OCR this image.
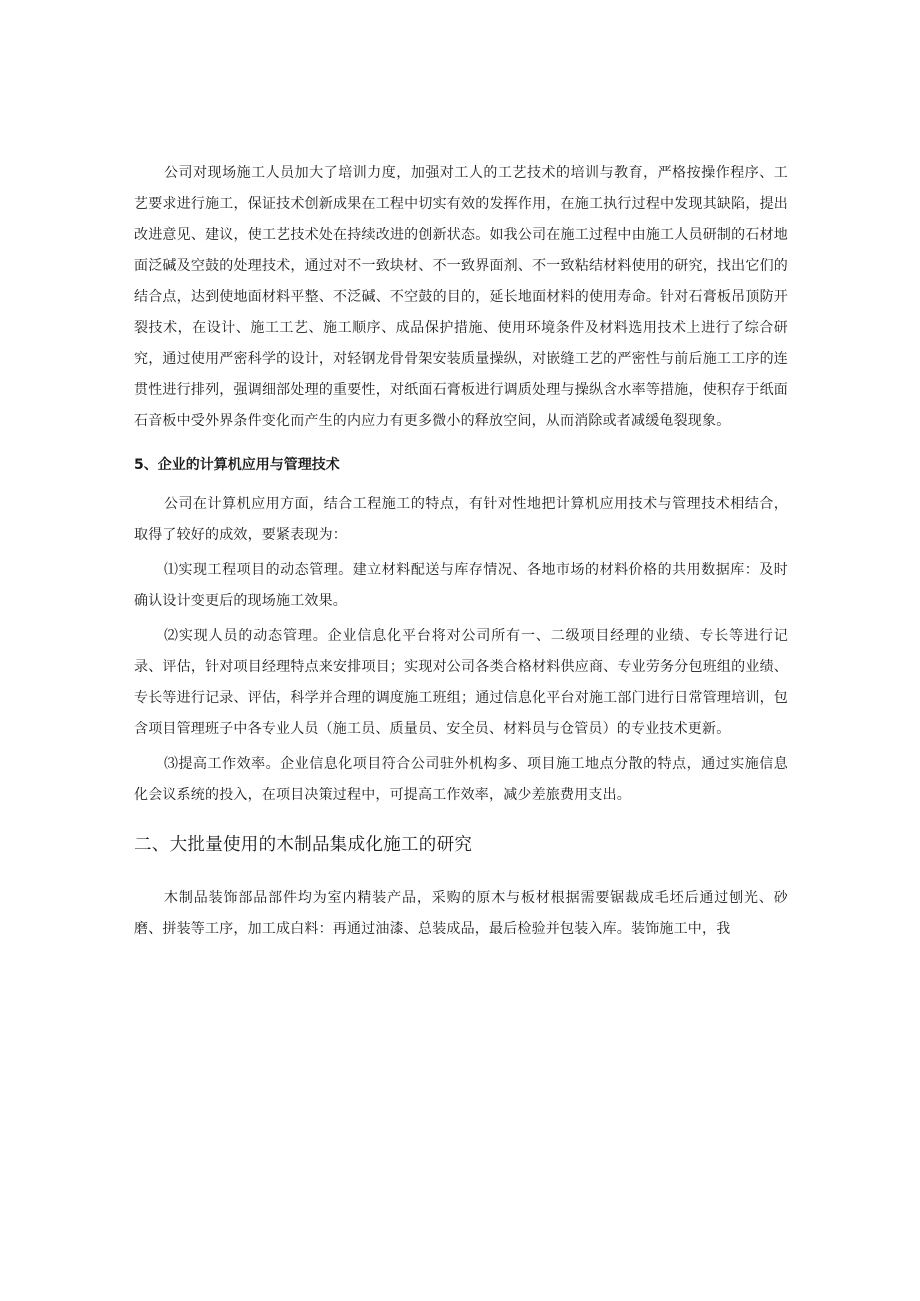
公司对现场施工人员加大了培训力度，加强对工人的工艺技术的培训与教育，严格按操作程序、工艺要求进行施工，保证技术创新成果在工程中切实有效的发挥作用，在施工执行过程中发现其缺陷，提出改进意见、建议，使工艺技术处在持续改进的创新状态。如我公司在施工过程中由施工人员研制的石材地面泛碱及空鼓的处理技术，通过对不一致块材、不一致界面剂、不一致粘结材料使用的研究，找出它们的结合点，达到使地面材料平整、不泛碱、不空鼓的目的，延长地面材料的使用寿命。针对石膏板吊顶防开裂技术，在设计、施工工艺、施工顺序、成品保护措施、使用环境条件及材料选用技术上进行了综合研究，通过使用严密科学的设计，对轻钢龙骨骨架安装质量操纵，对嵌缝工艺的严密性与前后施工工序的连贯性进行排列，强调细部处理的重要性，对纸面石膏板进行调质处理与操纵含水率等措施，使积存于纸面石音板中受外界条件变化而产生的内应力有更多微小的释放空间，从而消除或者减缓龟裂现象。

5、企业的计算机应用与管理技术

公司在计算机应用方面，结合工程施工的特点，有针对性地把计算机应用技术与管理技术相结合，取得了较好的成效，要紧表现为：

⑴实现工程项目的动态管理。建立材料配送与库存情况、各地市场的材料价格的共用数据库：及时确认设计变更后的现场施工效果。

⑵实现人员的动态管理。企业信息化平台将对公司所有一、二级项目经理的业绩、专长等进行记录、评估，针对项目经理特点来安排项目；实现对公司各类合格材料供应商、专业劳务分包班组的业绩、专长等进行记录、评估，科学并合理的调度施工班组；通过信息化平台对施工部门进行日常管理培训，包含项目管理班子中各专业人员（施工员、质量员、安全员、材料员与仓管员）的专业技术更新。

⑶提高工作效率。企业信息化项目符合公司驻外机构多、项目施工地点分散的特点，通过实施信息化会议系统的投入，在项目决策过程中，可提高工作效率，减少差旅费用支出。

二、大批量使用的木制品集成化施工的研究

木制品装饰部品部件均为室内精装产品，采购的原木与板材根据需要锯裁成毛坯后通过刨光、砂磨、拼装等工序，加工成白料：再通过油漆、总装成品，最后检验并包装入库。装饰施工中，我
